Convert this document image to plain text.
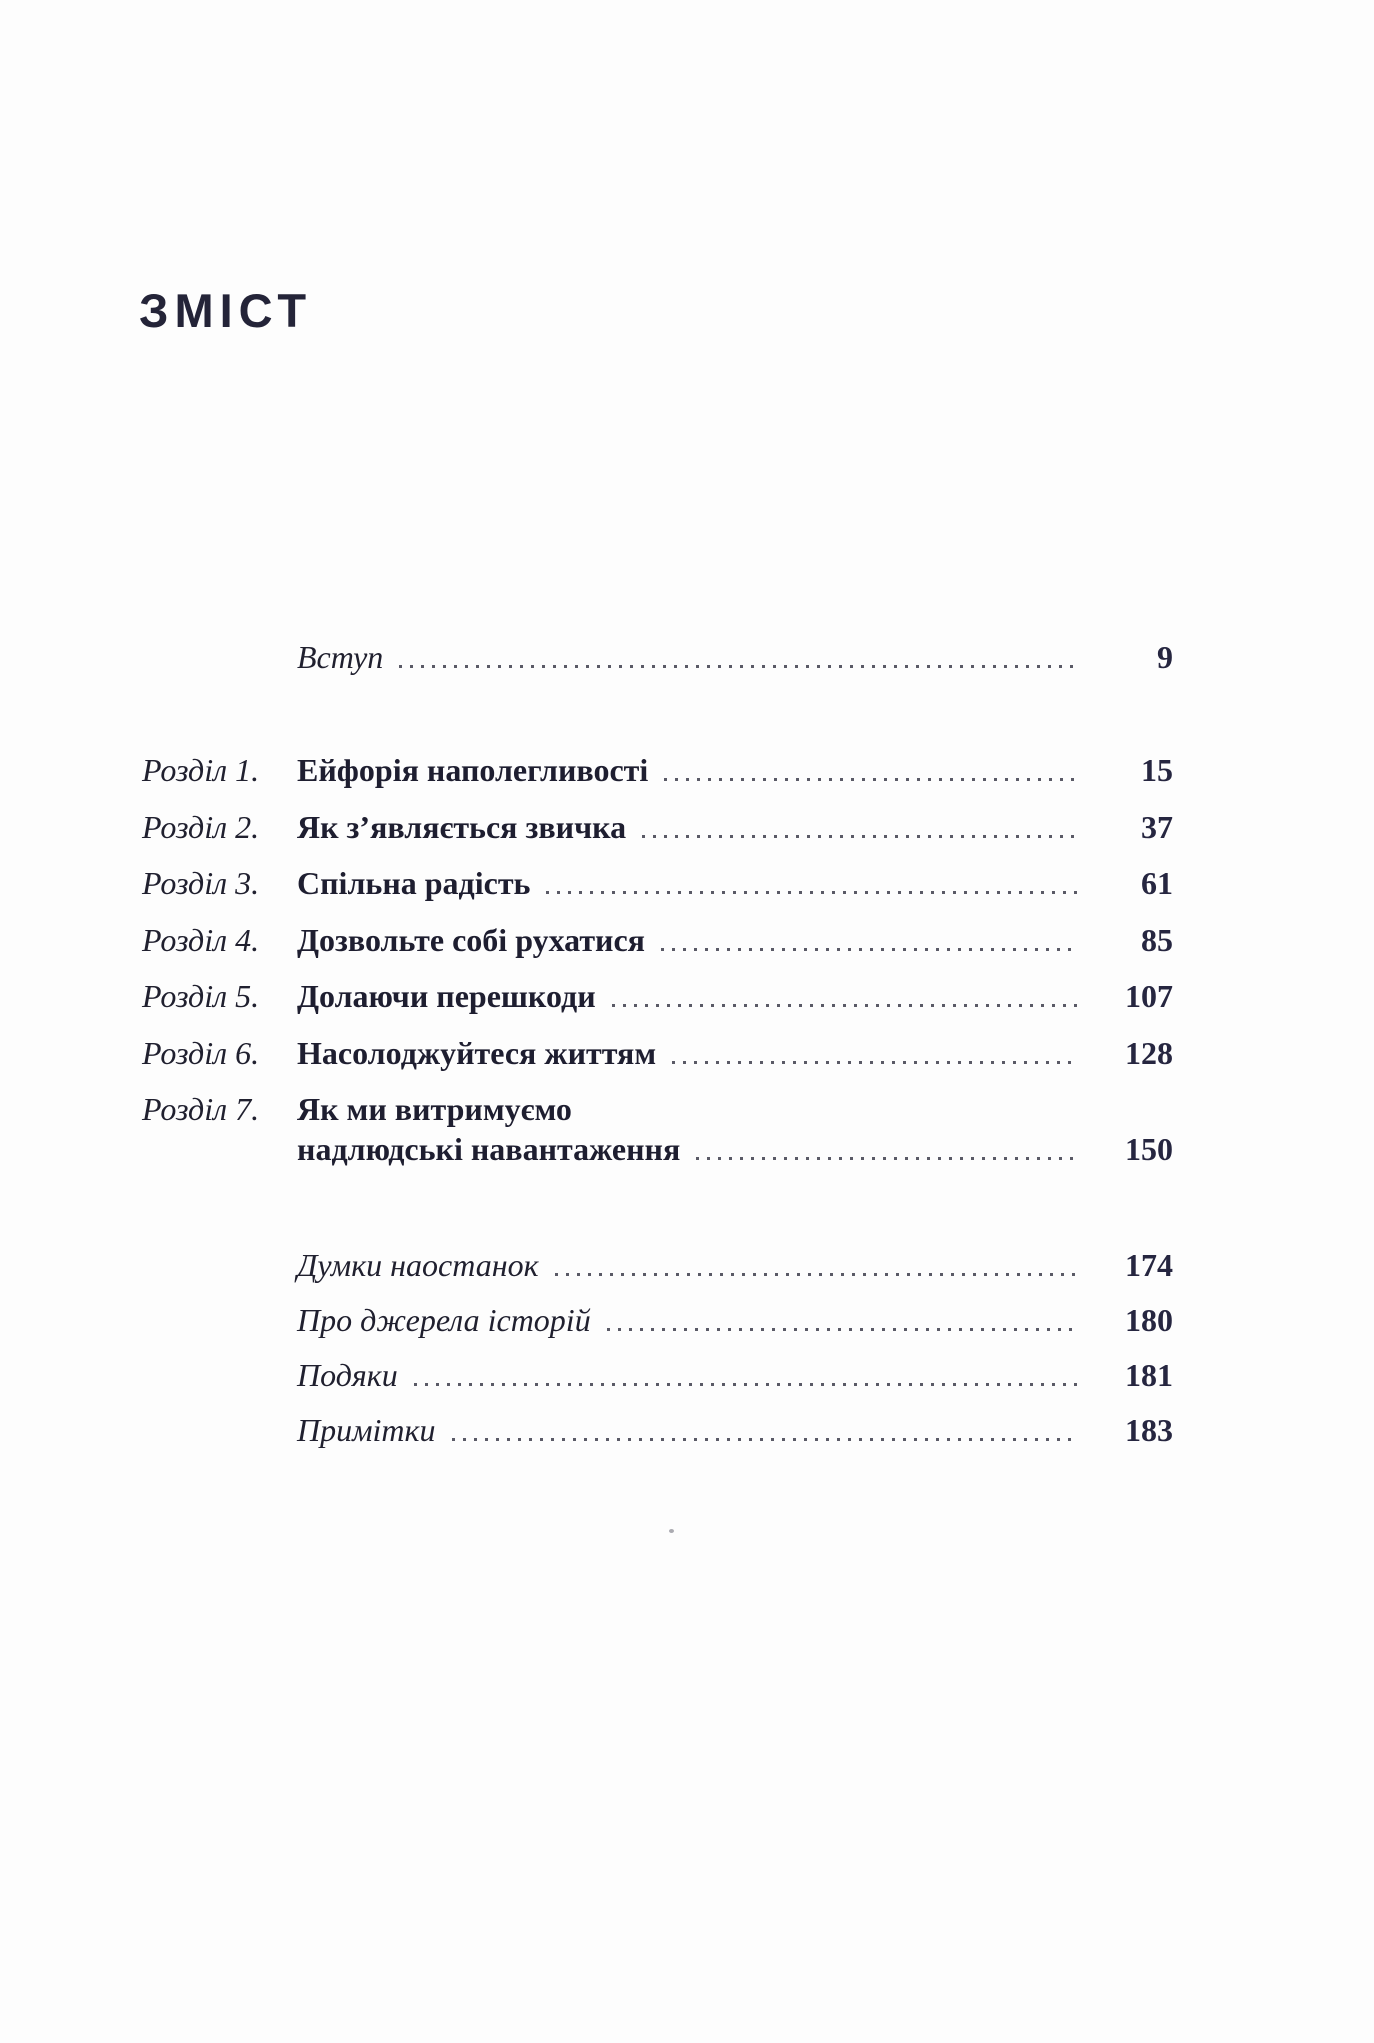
ЗМІСТ
Вступ	9
Розділ 1.	Ейфорія наполегливості	15
Розділ 2.	Як з’являється звичка	37
Розділ 3.	Спільна радість	61
Розділ 4.	Дозвольте собі рухатися	85
Розділ 5.	Долаючи перешкоди	107
Розділ 6.	Насолоджуйтеся життям	128
Розділ 7.	Як ми витримуємо
надлюдські навантаження	150
Думки наостанок	174
Про джерела історій	180
Подяки	181
Примітки	183
